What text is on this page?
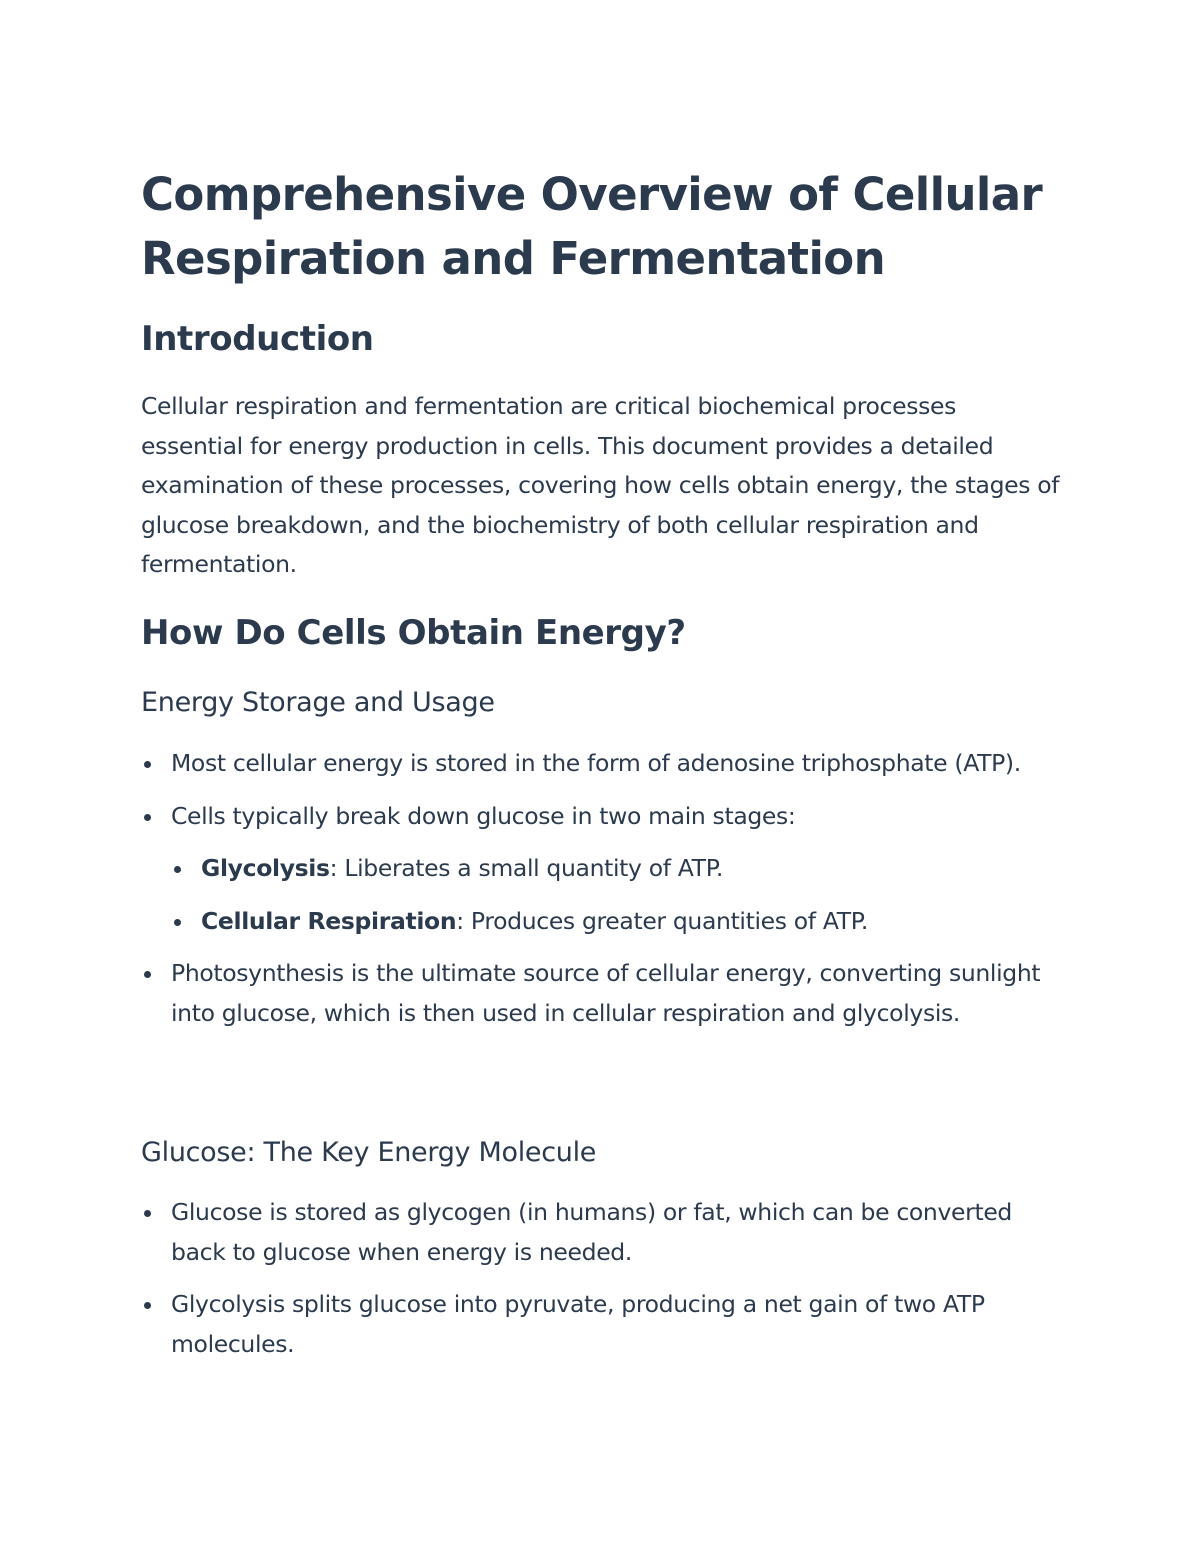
Comprehensive Overview of Cellular Respiration and Fermentation
Introduction

Cellular respiration and fermentation are critical biochemical processes essential for energy production in cells. This document provides a detailed examination of these processes, covering how cells obtain energy, the stages of glucose breakdown, and the biochemistry of both cellular respiration and fermentation.

How Do Cells Obtain Energy?
Energy Storage and Usage
Most cellular energy is stored in the form of adenosine triphosphate (ATP).
Cells typically break down glucose in two main stages:
Glycolysis: Liberates a small quantity of ATP.
Cellular Respiration: Produces greater quantities of ATP.
Photosynthesis is the ultimate source of cellular energy, converting sunlight into glucose, which is then used in cellular respiration and glycolysis.
Glucose: The Key Energy Molecule
Glucose is stored as glycogen (in humans) or fat, which can be converted back to glucose when energy is needed.
Glycolysis splits glucose into pyruvate, producing a net gain of two ATP molecules.
